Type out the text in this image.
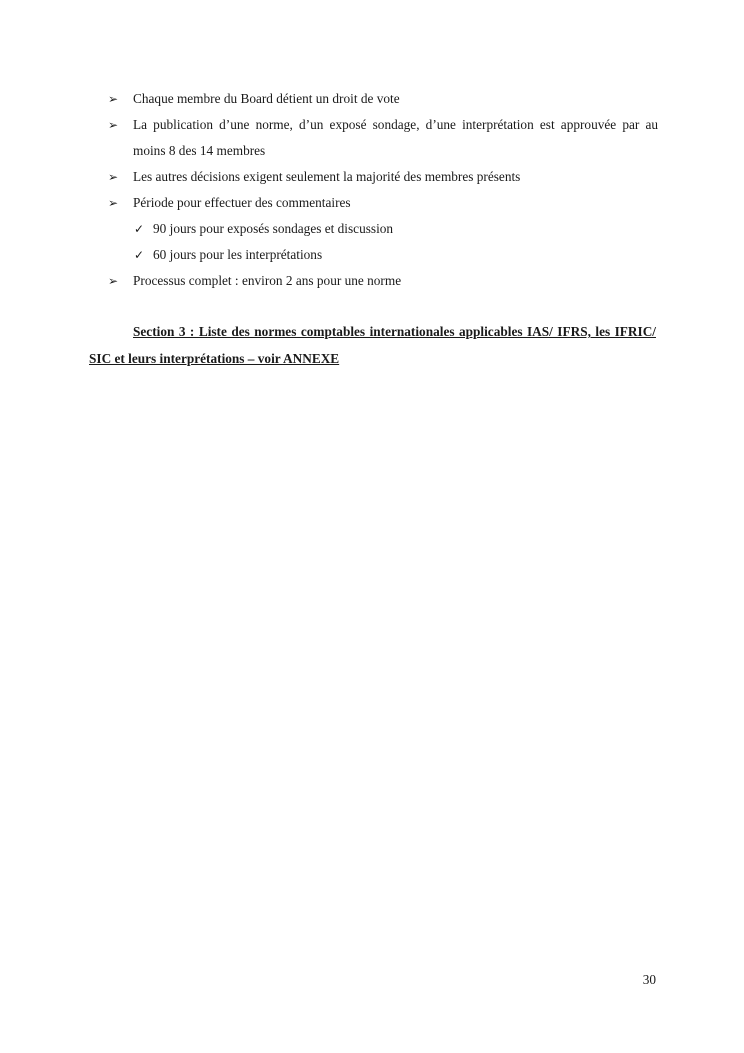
➢ Chaque membre du Board détient un droit de vote
➢ La publication d’une norme, d’un exposé sondage, d’une interprétation est approuvée par au moins 8 des 14 membres
➢ Les autres décisions exigent seulement la majorité des membres présents
➢ Période pour effectuer des commentaires
✓ 90 jours pour exposés sondages et discussion
✓ 60 jours pour les interprétations
➢ Processus complet : environ 2 ans pour une norme

Section 3 : Liste des normes comptables internationales applicables IAS/ IFRS, les IFRIC/ SIC et leurs interprétations – voir ANNEXE

30
